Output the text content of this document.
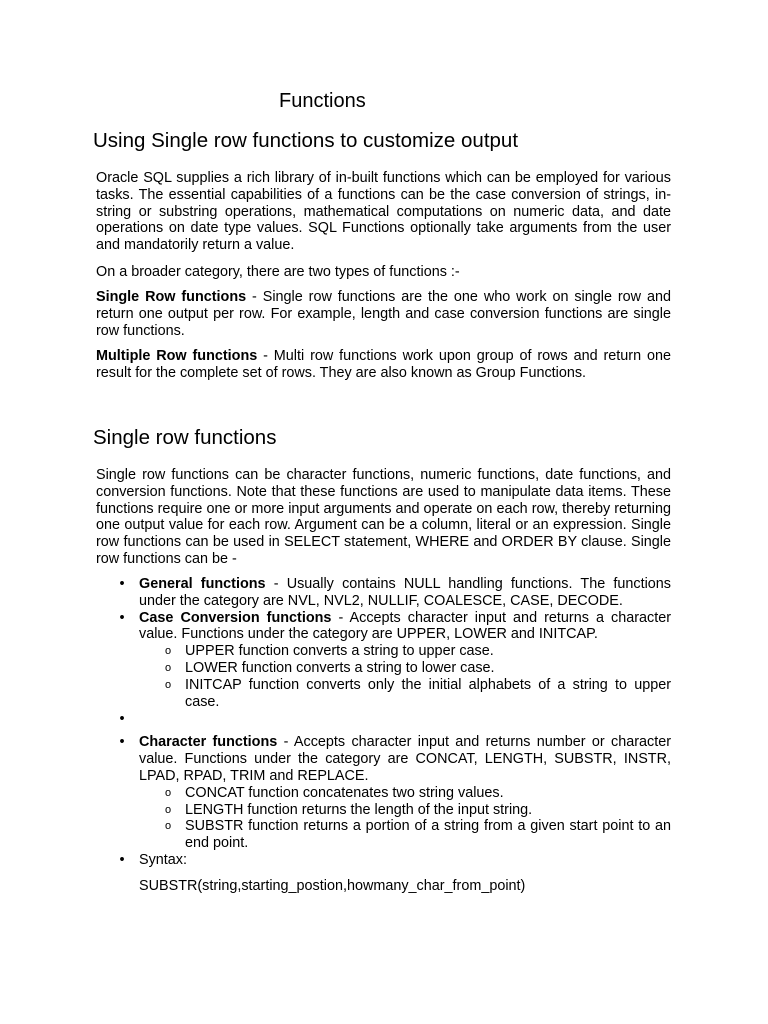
Functions
Using Single row functions to customize output
Oracle SQL supplies a rich library of in-built functions which can be employed for various tasks. The essential capabilities of a functions can be the case conversion of strings, in-string or substring operations, mathematical computations on numeric data, and date operations on date type values. SQL Functions optionally take arguments from the user and mandatorily return a value.
On a broader category, there are two types of functions :-
Single Row functions - Single row functions are the one who work on single row and return one output per row. For example, length and case conversion functions are single row functions.
Multiple Row functions - Multi row functions work upon group of rows and return one result for the complete set of rows. They are also known as Group Functions.
Single row functions
Single row functions can be character functions, numeric functions, date functions, and conversion functions. Note that these functions are used to manipulate data items. These functions require one or more input arguments and operate on each row, thereby returning one output value for each row. Argument can be a column, literal or an expression. Single row functions can be used in SELECT statement, WHERE and ORDER BY clause. Single row functions can be -
• General functions - Usually contains NULL handling functions. The functions under the category are NVL, NVL2, NULLIF, COALESCE, CASE, DECODE.
• Case Conversion functions - Accepts character input and returns a character value. Functions under the category are UPPER, LOWER and INITCAP.
o UPPER function converts a string to upper case.
o LOWER function converts a string to lower case.
o INITCAP function converts only the initial alphabets of a string to upper case.
•
• Character functions - Accepts character input and returns number or character value. Functions under the category are CONCAT, LENGTH, SUBSTR, INSTR, LPAD, RPAD, TRIM and REPLACE.
o CONCAT function concatenates two string values.
o LENGTH function returns the length of the input string.
o SUBSTR function returns a portion of a string from a given start point to an end point.
• Syntax:
SUBSTR(string,starting_postion,howmany_char_from_point)
